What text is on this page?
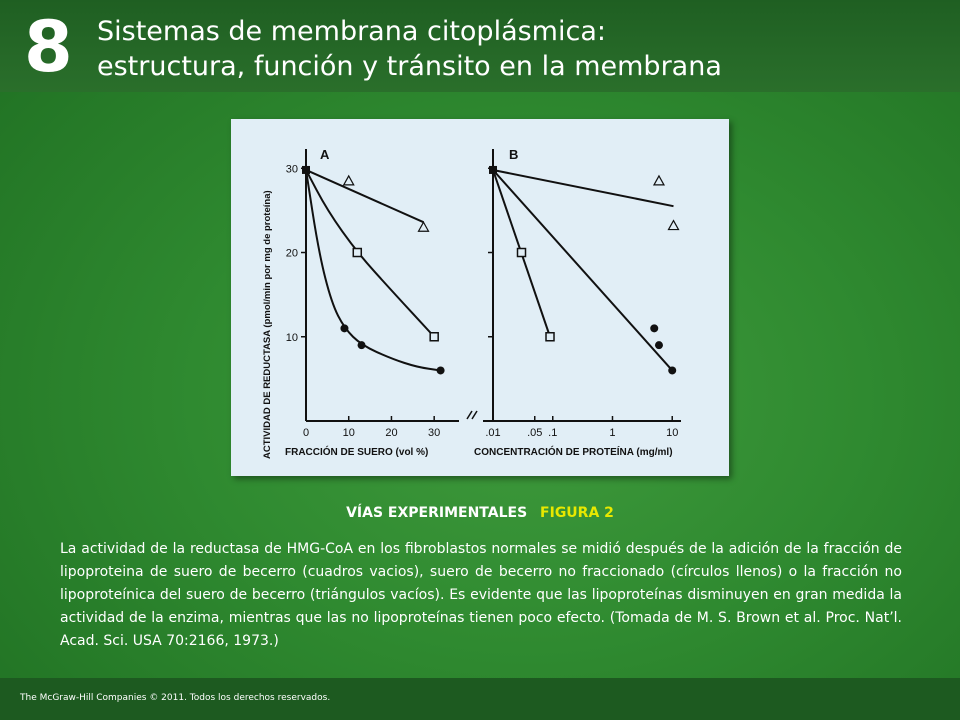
8 Sistemas de membrana citoplásmica:
estructura, función y tránsito en la membrana
A	B
10
20
30
0	10	20	30	.01 .05 .1	1	10
FRACCIÓN DE SUERO (vol %)	CONCENTRACIÓN DE PROTEÍNA (mg/ml)
ACTIVIDAD DE REDUCTASA (pmol/min por mg de proteína)
VÍAS EXPERIMENTALES FIGURA 2
La actividad de la reductasa de HMG-CoA en los fibroblastos normales se midió después de la adición de la fracción de lipoproteina de suero de becerro (cuadros vacios), suero de becerro no fraccionado (círculos llenos) o la fracción no lipoproteínica del suero de becerro (triángulos vacíos). Es evidente que las lipoproteínas disminuyen en gran medida la actividad de la enzima, mientras que las no lipoproteínas tienen poco efecto. (Tomada de M. S. Brown et al. Proc. Nat’l. Acad. Sci. USA 70:2166, 1973.)
The McGraw-Hill Companies © 2011. Todos los derechos reservados.
